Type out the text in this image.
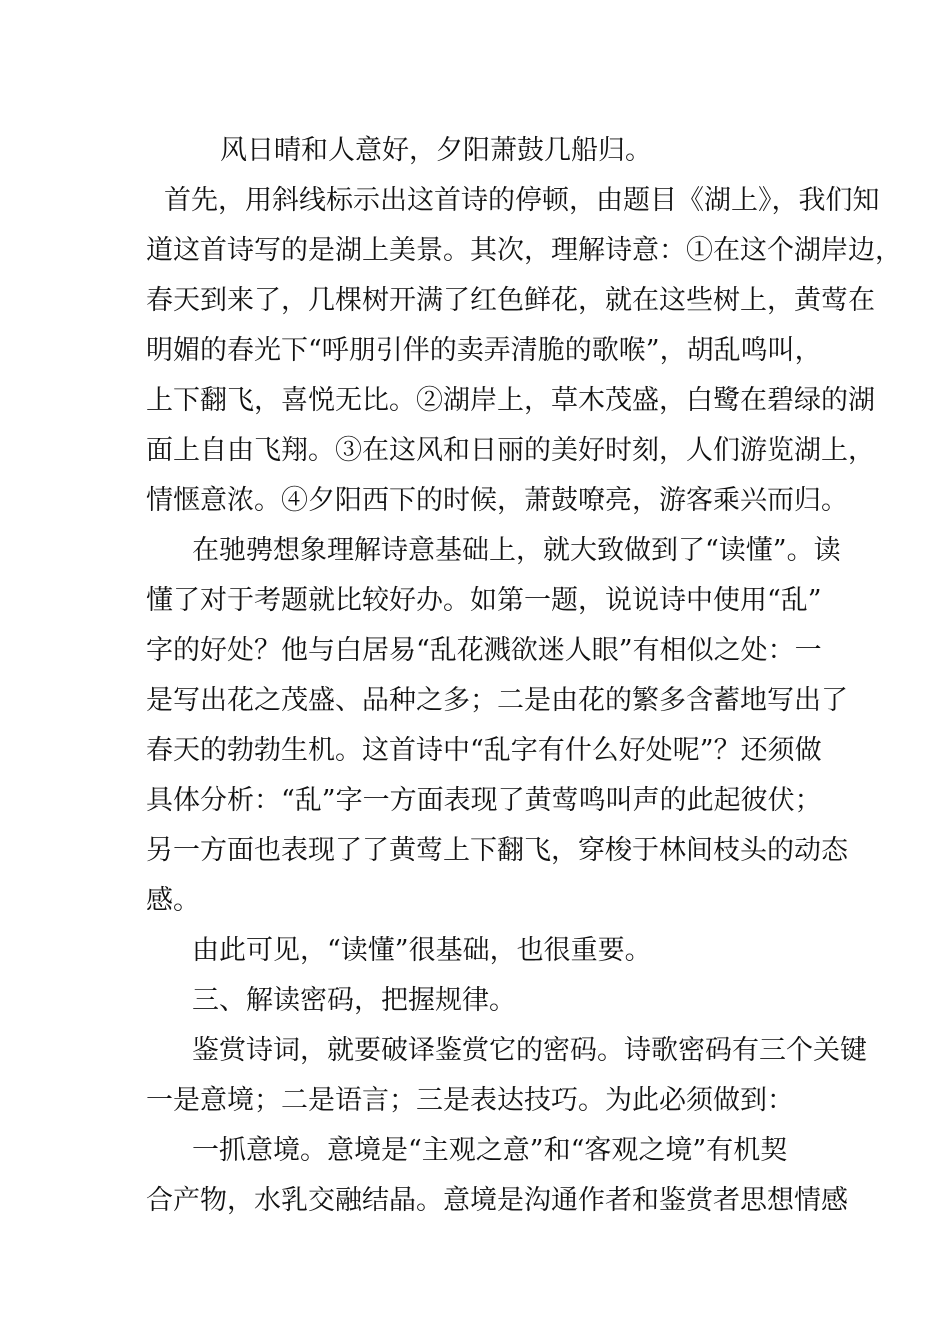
风日晴和人意好，夕阳萧鼓几船归。
首先，用斜线标示出这首诗的停顿，由题目《湖上》，我们知
道这首诗写的是湖上美景。其次，理解诗意：①在这个湖岸边，
春天到来了，几棵树开满了红色鲜花，就在这些树上，黄莺在
明媚的春光下“呼朋引伴的卖弄清脆的歌喉”，胡乱鸣叫，
上下翻飞，喜悦无比。②湖岸上，草木茂盛，白鹭在碧绿的湖
面上自由飞翔。③在这风和日丽的美好时刻，人们游览湖上，
情惬意浓。④夕阳西下的时候，萧鼓嘹亮，游客乘兴而归。
在驰骋想象理解诗意基础上，就大致做到了“读懂”。读
懂了对于考题就比较好办。如第一题，说说诗中使用“乱”
字的好处？他与白居易“乱花溅欲迷人眼”有相似之处：一
是写出花之茂盛、品种之多；二是由花的繁多含蓄地写出了
春天的勃勃生机。这首诗中“乱字有什么好处呢”？还须做
具体分析：“乱”字一方面表现了黄莺鸣叫声的此起彼伏；
另一方面也表现了了黄莺上下翻飞，穿梭于林间枝头的动态
感。
由此可见，“读懂”很基础，也很重要。
三、解读密码，把握规律。
鉴赏诗词，就要破译鉴赏它的密码。诗歌密码有三个关键
一是意境；二是语言；三是表达技巧。为此必须做到：
一抓意境。意境是“主观之意”和“客观之境”有机契
合产物，水乳交融结晶。意境是沟通作者和鉴赏者思想情感
